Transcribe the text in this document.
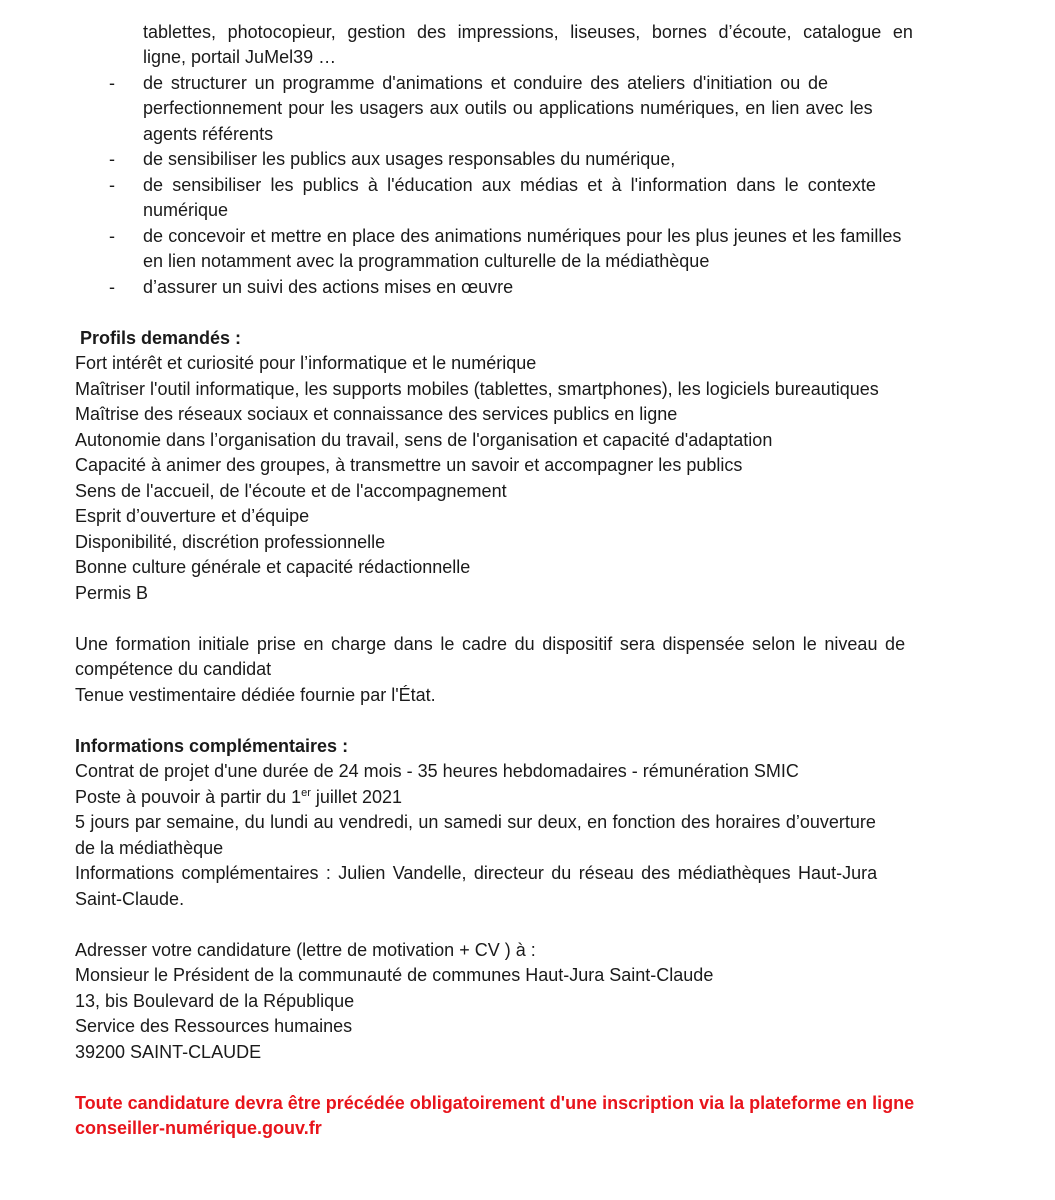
tablettes, photocopieur, gestion des impressions, liseuses, bornes d’écoute, catalogue en
ligne, portail JuMel39 …
- de structurer un programme d'animations et conduire des ateliers d'initiation ou de
perfectionnement pour les usagers aux outils ou applications numériques, en lien avec les
agents référents
- de sensibiliser les publics aux usages responsables du numérique,
- de sensibiliser les publics à l'éducation aux médias et à l'information dans le contexte
numérique
- de concevoir et mettre en place des animations numériques pour les plus jeunes et les familles
en lien notamment avec la programmation culturelle de la médiathèque
- d’assurer un suivi des actions mises en œuvre
Profils demandés :
Fort intérêt et curiosité pour l’informatique et le numérique
Maîtriser l'outil informatique, les supports mobiles (tablettes, smartphones), les logiciels bureautiques
Maîtrise des réseaux sociaux et connaissance des services publics en ligne
Autonomie dans l’organisation du travail, sens de l'organisation et capacité d'adaptation
Capacité à animer des groupes, à transmettre un savoir et accompagner les publics
Sens de l'accueil, de l'écoute et de l'accompagnement
Esprit d’ouverture et d’équipe
Disponibilité, discrétion professionnelle
Bonne culture générale et capacité rédactionnelle
Permis B
Une formation initiale prise en charge dans le cadre du dispositif sera dispensée selon le niveau de
compétence du candidat
Tenue vestimentaire dédiée fournie par l'État.
Informations complémentaires :
Contrat de projet d'une durée de 24 mois - 35 heures hebdomadaires - rémunération SMIC
Poste à pouvoir à partir du 1er juillet 2021
5 jours par semaine, du lundi au vendredi, un samedi sur deux, en fonction des horaires d’ouverture
de la médiathèque
Informations complémentaires : Julien Vandelle, directeur du réseau des médiathèques Haut-Jura
Saint-Claude.
Adresser votre candidature (lettre de motivation + CV ) à :
Monsieur le Président de la communauté de communes Haut-Jura Saint-Claude
13, bis Boulevard de la République
Service des Ressources humaines
39200 SAINT-CLAUDE
Toute candidature devra être précédée obligatoirement d'une inscription via la plateforme en ligne
conseiller-numérique.gouv.fr
